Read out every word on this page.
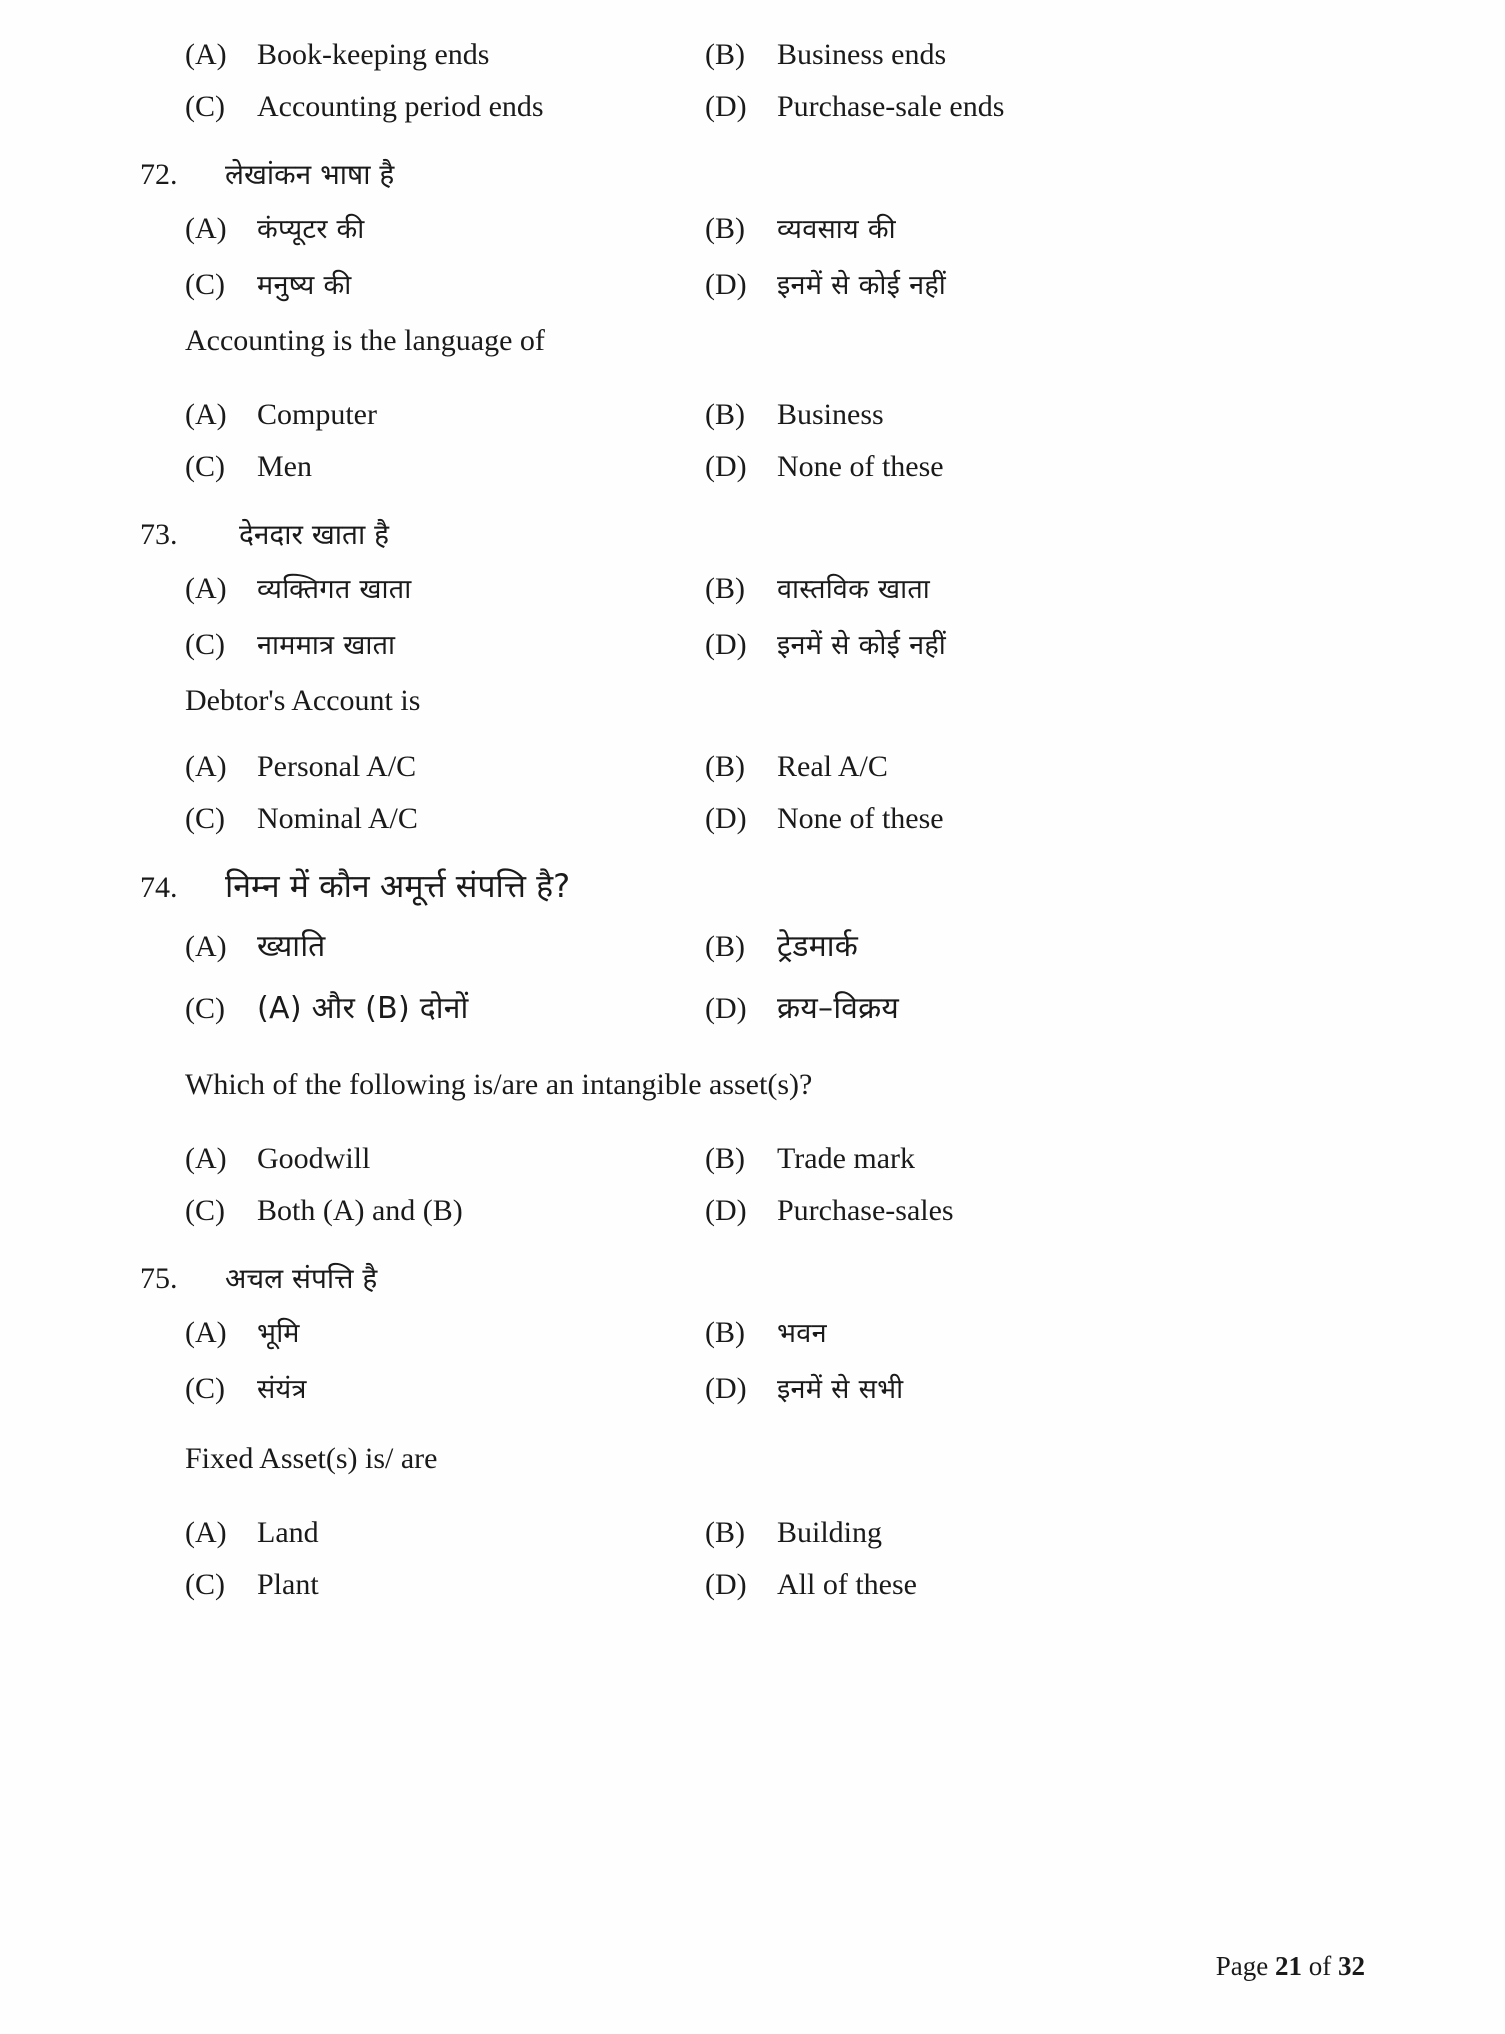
(A)	Book-keeping ends	(B)	Business ends
(C)	Accounting period ends	(D)	Purchase-sale ends
72.	लेखांकन भाषा है
(A)	कंप्यूटर की	(B)	व्यवसाय की
(C)	मनुष्य की	(D)	इनमें से कोई नहीं
Accounting is the language of
(A)	Computer	(B)	Business
(C)	Men	(D)	None of these
73.	देनदार खाता है
(A)	व्यक्तिगत खाता	(B)	वास्तविक खाता
(C)	नाममात्र खाता	(D)	इनमें से कोई नहीं
Debtor's Account is
(A)	Personal A/C	(B)	Real A/C
(C)	Nominal A/C	(D)	None of these
74.	निम्न में कौन अमूर्त्त संपत्ति है?
(A)	ख्याति	(B)	ट्रेडमार्क
(C)	(A) और (B) दोनों	(D)	क्रय–विक्रय
Which of the following is/are an intangible asset(s)?
(A)	Goodwill	(B)	Trade mark
(C)	Both (A) and (B)	(D)	Purchase-sales
75.	अचल संपत्ति है
(A)	भूमि	(B)	भवन
(C)	संयंत्र	(D)	इनमें से सभी
Fixed Asset(s) is/ are
(A)	Land	(B)	Building
(C)	Plant	(D)	All of these
Page 21 of 32
